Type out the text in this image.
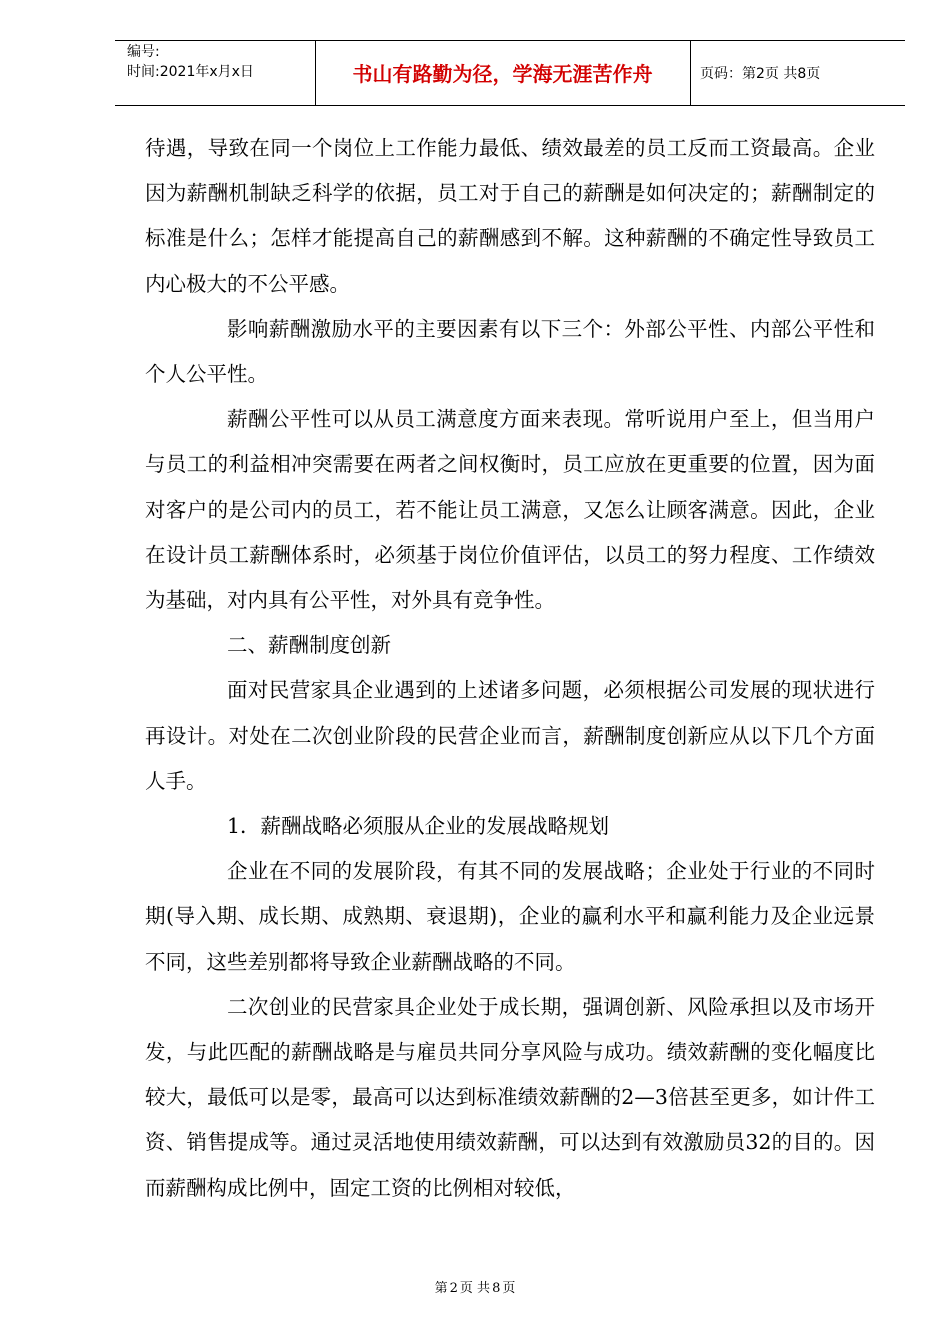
编号:
时间:2021年x月x日	书山有路勤为径，学海无涯苦作舟	页码：第2页 共8页

待遇，导致在同一个岗位上工作能力最低、绩效最差的员工反而工资最高。企业因为薪酬机制缺乏科学的依据，员工对于自己的薪酬是如何决定的；薪酬制定的标准是什么；怎样才能提高自己的薪酬感到不解。这种薪酬的不确定性导致员工内心极大的不公平感。

影响薪酬激励水平的主要因素有以下三个：外部公平性、内部公平性和个人公平性。

薪酬公平性可以从员工满意度方面来表现。常听说用户至上，但当用户与员工的利益相冲突需要在两者之间权衡时，员工应放在更重要的位置，因为面对客户的是公司内的员工，若不能让员工满意，又怎么让顾客满意。因此，企业在设计员工薪酬体系时，必须基于岗位价值评估，以员工的努力程度、工作绩效为基础，对内具有公平性，对外具有竞争性。

二、薪酬制度创新

面对民营家具企业遇到的上述诸多问题，必须根据公司发展的现状进行再设计。对处在二次创业阶段的民营企业而言，薪酬制度创新应从以下几个方面人手。

1．薪酬战略必须服从企业的发展战略规划

企业在不同的发展阶段，有其不同的发展战略；企业处于行业的不同时期(导入期、成长期、成熟期、衰退期)，企业的赢利水平和赢利能力及企业远景不同，这些差别都将导致企业薪酬战略的不同。

二次创业的民营家具企业处于成长期，强调创新、风险承担以及市场开发，与此匹配的薪酬战略是与雇员共同分享风险与成功。绩效薪酬的变化幅度比较大，最低可以是零，最高可以达到标准绩效薪酬的2—3倍甚至更多，如计件工资、销售提成等。通过灵活地使用绩效薪酬，可以达到有效激励员32的目的。因而薪酬构成比例中，固定工资的比例相对较低，

第 2 页 共 8 页
